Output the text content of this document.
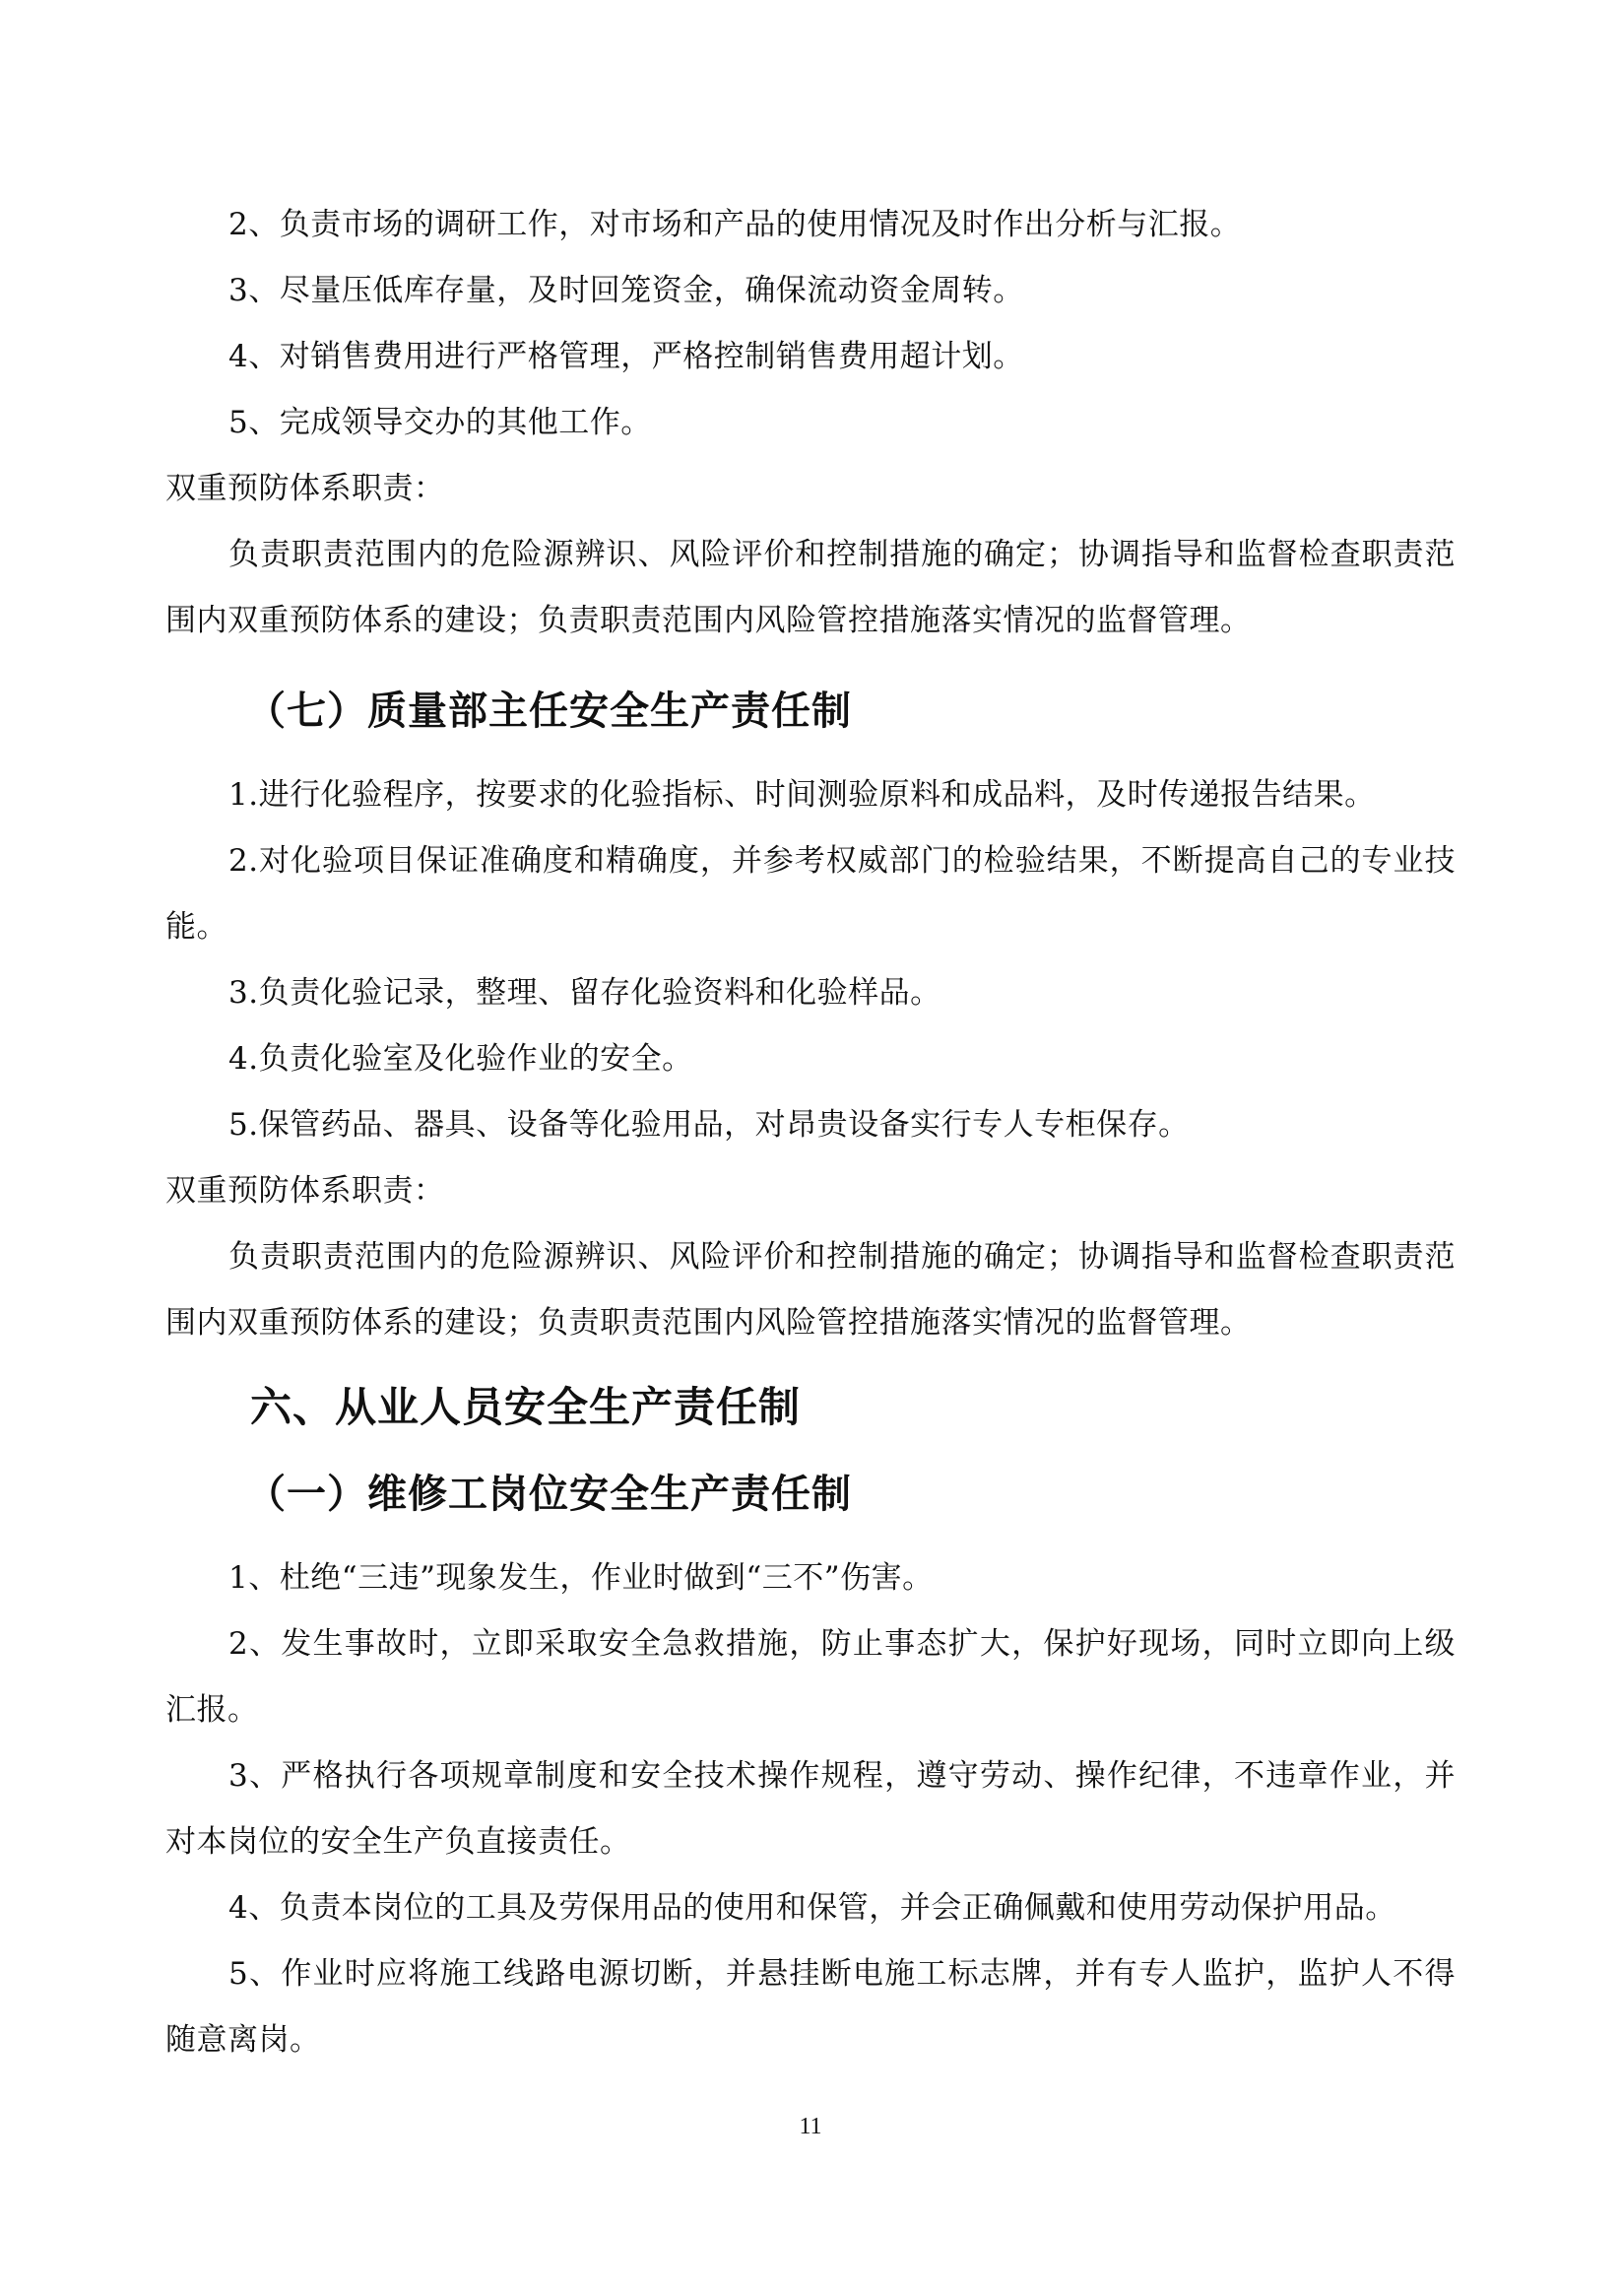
2、负责市场的调研工作，对市场和产品的使用情况及时作出分析与汇报。

3、尽量压低库存量，及时回笼资金，确保流动资金周转。

4、对销售费用进行严格管理，严格控制销售费用超计划。

5、完成领导交办的其他工作。

双重预防体系职责：

负责职责范围内的危险源辨识、风险评价和控制措施的确定；协调指导和监督检查职责范围内双重预防体系的建设；负责职责范围内风险管控措施落实情况的监督管理。

（七）质量部主任安全生产责任制

1.进行化验程序，按要求的化验指标、时间测验原料和成品料，及时传递报告结果。

2.对化验项目保证准确度和精确度，并参考权威部门的检验结果，不断提高自己的专业技能。

3.负责化验记录，整理、留存化验资料和化验样品。

4.负责化验室及化验作业的安全。

5.保管药品、器具、设备等化验用品，对昂贵设备实行专人专柜保存。

双重预防体系职责：

负责职责范围内的危险源辨识、风险评价和控制措施的确定；协调指导和监督检查职责范围内双重预防体系的建设；负责职责范围内风险管控措施落实情况的监督管理。

六、从业人员安全生产责任制
（一）维修工岗位安全生产责任制

1、杜绝“三违”现象发生，作业时做到“三不”伤害。

2、发生事故时，立即采取安全急救措施，防止事态扩大，保护好现场，同时立即向上级汇报。

3、严格执行各项规章制度和安全技术操作规程，遵守劳动、操作纪律，不违章作业，并对本岗位的安全生产负直接责任。

4、负责本岗位的工具及劳保用品的使用和保管，并会正确佩戴和使用劳动保护用品。

5、作业时应将施工线路电源切断，并悬挂断电施工标志牌，并有专人监护，监护人不得随意离岗。

11
